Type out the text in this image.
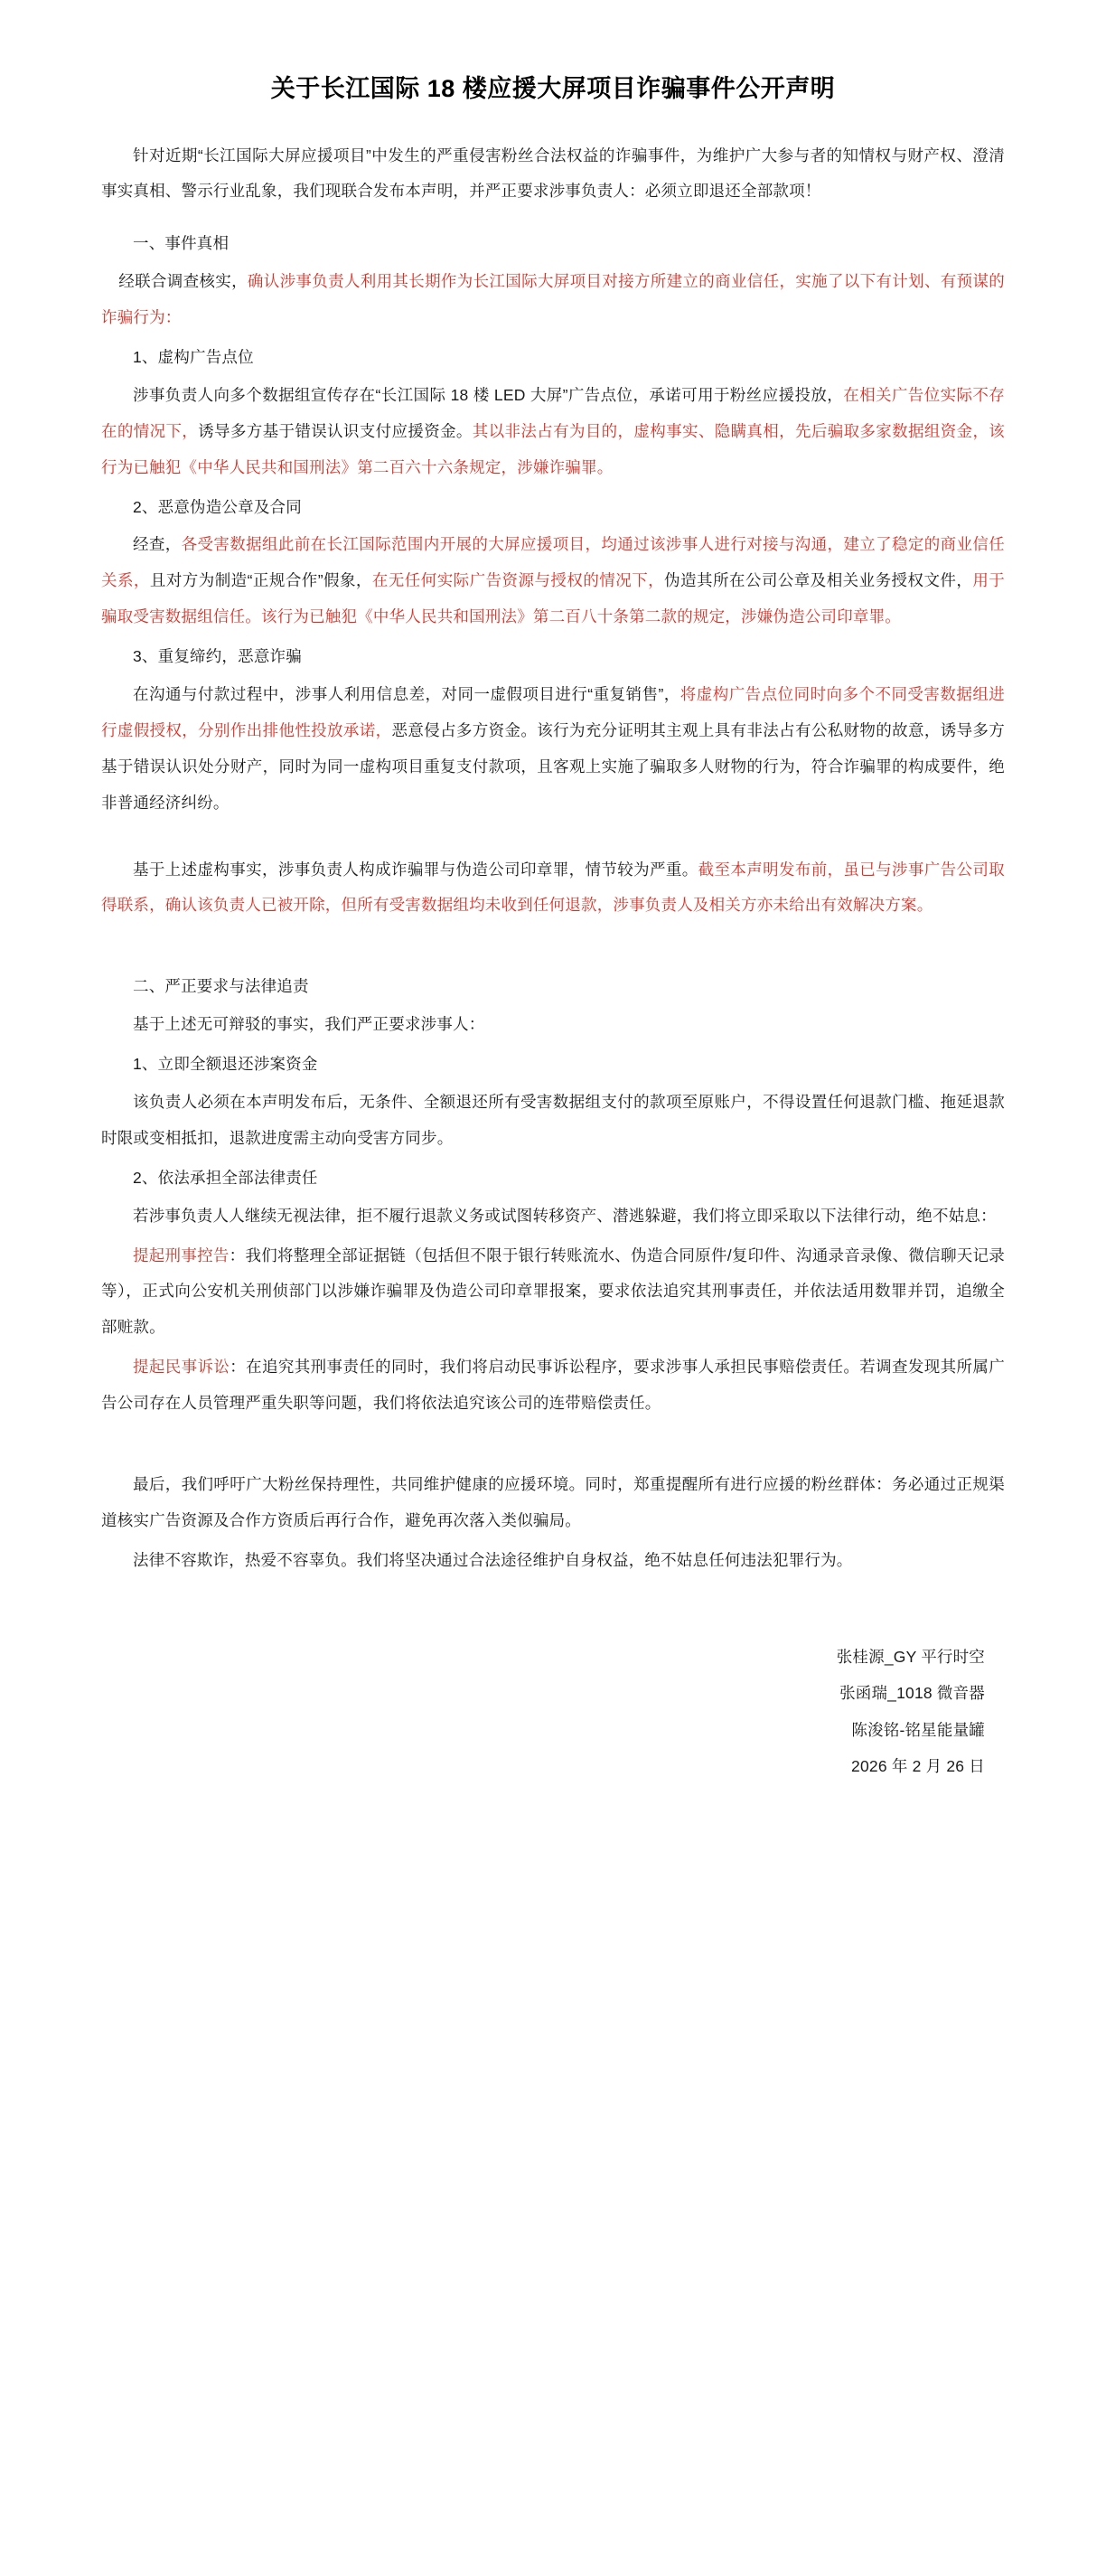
关于长江国际 18 楼应援大屏项目诈骗事件公开声明

针对近期“长江国际大屏应援项目”中发生的严重侵害粉丝合法权益的诈骗事件，为维护广大参与者的知情权与财产权、澄清事实真相、警示行业乱象，我们现联合发布本声明，并严正要求涉事负责人：必须立即退还全部款项！

一、事件真相

经联合调查核实，确认涉事负责人利用其长期作为长江国际大屏项目对接方所建立的商业信任，实施了以下有计划、有预谋的诈骗行为：

1、虚构广告点位

涉事负责人向多个数据组宣传存在“长江国际 18 楼 LED 大屏”广告点位，承诺可用于粉丝应援投放，在相关广告位实际不存在的情况下，诱导多方基于错误认识支付应援资金。其以非法占有为目的，虚构事实、隐瞒真相，先后骗取多家数据组资金，该行为已触犯《中华人民共和国刑法》第二百六十六条规定，涉嫌诈骗罪。

2、恶意伪造公章及合同

经查，各受害数据组此前在长江国际范围内开展的大屏应援项目，均通过该涉事人进行对接与沟通，建立了稳定的商业信任关系，且对方为制造“正规合作”假象，在无任何实际广告资源与授权的情况下，伪造其所在公司公章及相关业务授权文件，用于骗取受害数据组信任。该行为已触犯《中华人民共和国刑法》第二百八十条第二款的规定，涉嫌伪造公司印章罪。

3、重复缔约，恶意诈骗

在沟通与付款过程中，涉事人利用信息差，对同一虚假项目进行“重复销售”，将虚构广告点位同时向多个不同受害数据组进行虚假授权，分别作出排他性投放承诺，恶意侵占多方资金。该行为充分证明其主观上具有非法占有公私财物的故意，诱导多方基于错误认识处分财产，同时为同一虚构项目重复支付款项，且客观上实施了骗取多人财物的行为，符合诈骗罪的构成要件，绝非普通经济纠纷。

基于上述虚构事实，涉事负责人构成诈骗罪与伪造公司印章罪，情节较为严重。截至本声明发布前，虽已与涉事广告公司取得联系，确认该负责人已被开除，但所有受害数据组均未收到任何退款，涉事负责人及相关方亦未给出有效解决方案。

二、严正要求与法律追责

基于上述无可辩驳的事实，我们严正要求涉事人：

1、立即全额退还涉案资金

该负责人必须在本声明发布后，无条件、全额退还所有受害数据组支付的款项至原账户，不得设置任何退款门槛、拖延退款时限或变相抵扣，退款进度需主动向受害方同步。

2、依法承担全部法律责任

若涉事负责人人继续无视法律，拒不履行退款义务或试图转移资产、潜逃躲避，我们将立即采取以下法律行动，绝不姑息：

提起刑事控告：我们将整理全部证据链（包括但不限于银行转账流水、伪造合同原件/复印件、沟通录音录像、微信聊天记录等），正式向公安机关刑侦部门以涉嫌诈骗罪及伪造公司印章罪报案，要求依法追究其刑事责任，并依法适用数罪并罚，追缴全部赃款。

提起民事诉讼：在追究其刑事责任的同时，我们将启动民事诉讼程序，要求涉事人承担民事赔偿责任。若调查发现其所属广告公司存在人员管理严重失职等问题，我们将依法追究该公司的连带赔偿责任。

最后，我们呼吁广大粉丝保持理性，共同维护健康的应援环境。同时，郑重提醒所有进行应援的粉丝群体：务必通过正规渠道核实广告资源及合作方资质后再行合作，避免再次落入类似骗局。

法律不容欺诈，热爱不容辜负。我们将坚决通过合法途径维护自身权益，绝不姑息任何违法犯罪行为。

张桂源_GY 平行时空
张函瑞_1018 微音器
陈浚铭-铭星能量罐
2026 年 2 月 26 日
